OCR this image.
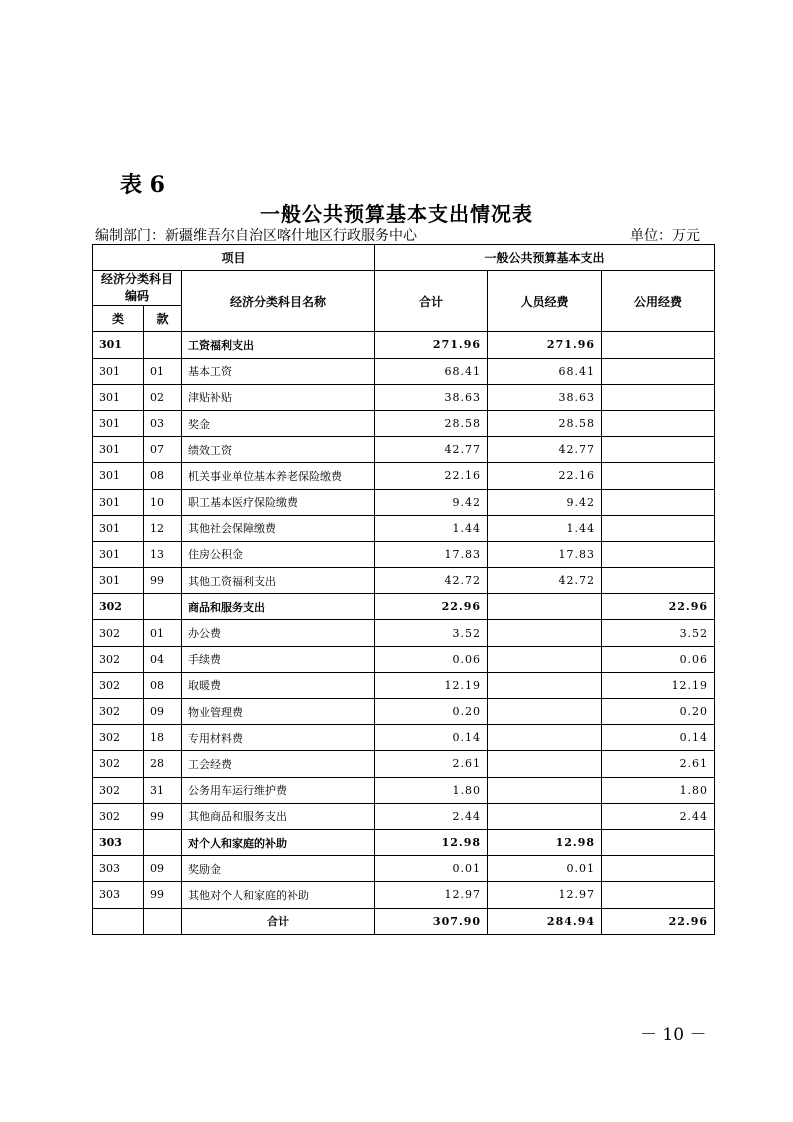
表 6
一般公共预算基本支出情况表
编制部门：新疆维吾尔自治区喀什地区行政服务中心	单位：万元
项目			一般公共预算基本支出		
经济分类科目编码		经济分类科目名称	合计	人员经费	公用经费
类	款				
301		工资福利支出	271.96	271.96	
301	01	基本工资	68.41	68.41	
301	02	津贴补贴	38.63	38.63	
301	03	奖金	28.58	28.58	
301	07	绩效工资	42.77	42.77	
301	08	机关事业单位基本养老保险缴费	22.16	22.16	
301	10	职工基本医疗保险缴费	9.42	9.42	
301	12	其他社会保障缴费	1.44	1.44	
301	13	住房公积金	17.83	17.83	
301	99	其他工资福利支出	42.72	42.72	
302		商品和服务支出	22.96		22.96
302	01	办公费	3.52		3.52
302	04	手续费	0.06		0.06
302	08	取暖费	12.19		12.19
302	09	物业管理费	0.20		0.20
302	18	专用材料费	0.14		0.14
302	28	工会经费	2.61		2.61
302	31	公务用车运行维护费	1.80		1.80
302	99	其他商品和服务支出	2.44		2.44
303		对个人和家庭的补助	12.98	12.98	
303	09	奖励金	0.01	0.01	
303	99	其他对个人和家庭的补助	12.97	12.97	
		合计	307.90	284.94	22.96
－ 10 －
